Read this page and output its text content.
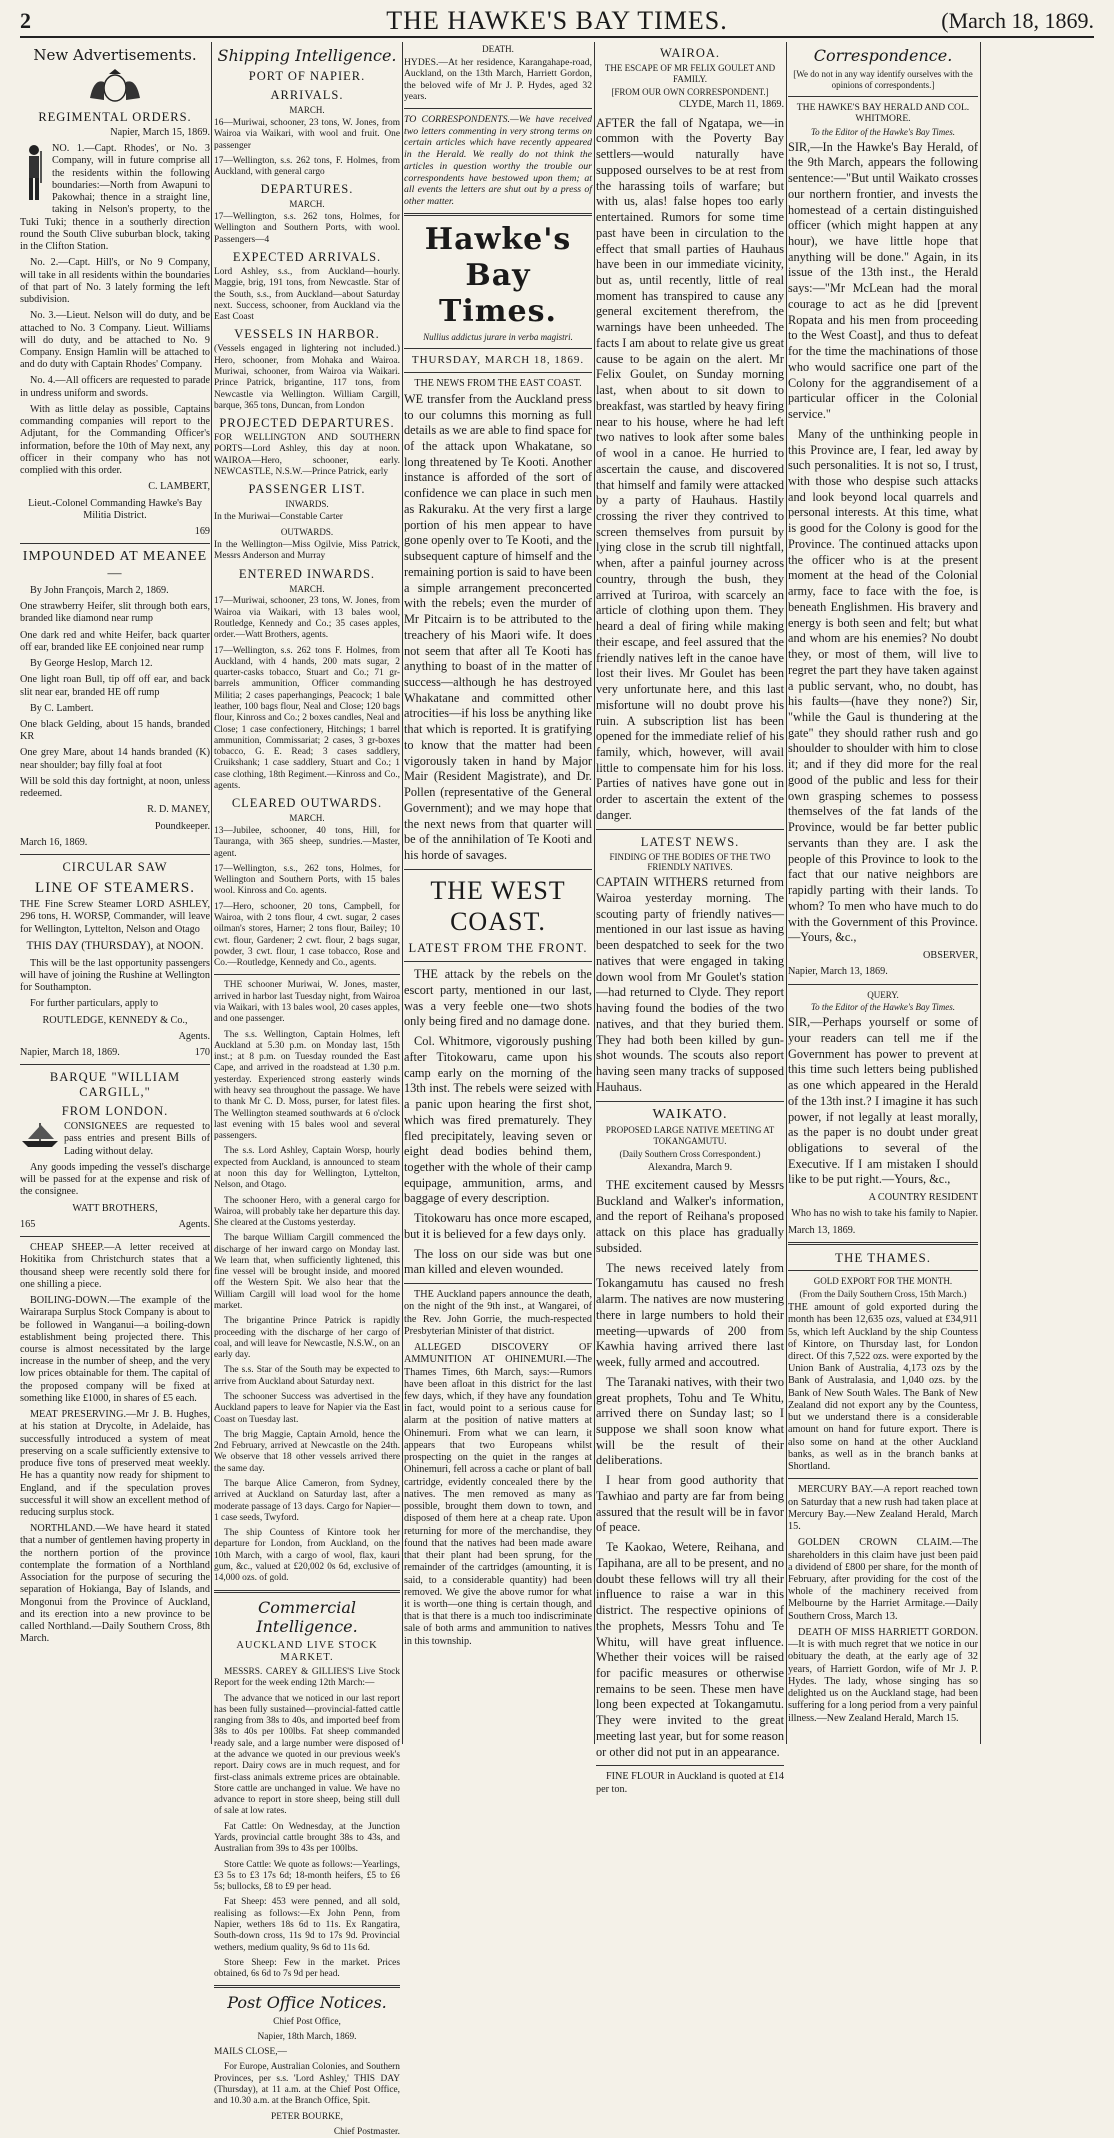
2	THE HAWKE'S BAY TIMES.	(March 18, 1869.
New Advertisements.
REGIMENTAL ORDERS.

Napier, March 15, 1869.

NO. 1.—Capt. Rhodes', or No. 3 Company, will in future comprise all the residents within the following boundaries:—North from Awapuni to Pakowhai; thence in a straight line, taking in Nelson's property, to the Tuki Tuki; thence in a southerly direction round the South Clive suburban block, taking in the Clifton Station.

No. 2.—Capt. Hill's, or No 9 Company, will take in all residents within the boundaries of that part of No. 3 lately forming the left subdivision.

No. 3.—Lieut. Nelson will do duty, and be attached to No. 3 Company. Lieut. Williams will do duty, and be attached to No. 9 Company. Ensign Hamlin will be attached to and do duty with Captain Rhodes' Company.

No. 4.—All officers are requested to parade in undress uniform and swords.

With as little delay as possible, Captains commanding companies will report to the Adjutant, for the Commanding Officer's information, before the 10th of May next, any officer in their company who has not complied with this order.

C. LAMBERT,

Lieut.-Colonel Commanding Hawke's Bay Militia District.

169

IMPOUNDED AT MEANEE—

By John François, March 2, 1869.

One strawberry Heifer, slit through both ears, branded like diamond near rump

One dark red and white Heifer, back quarter off ear, branded like EE conjoined near rump

By George Heslop, March 12.

One light roan Bull, tip off off ear, and back slit near ear, branded HE off rump

By C. Lambert.

One black Gelding, about 15 hands, branded KR

One grey Mare, about 14 hands branded (K) near shoulder; bay filly foal at foot

Will be sold this day fortnight, at noon, unless redeemed.

R. D. MANEY,

Poundkeeper.

March 16, 1869.

CIRCULAR SAW
LINE OF STEAMERS.

THE Fine Screw Steamer LORD ASHLEY, 296 tons, H. WORSP, Commander, will leave for Wellington, Lyttelton, Nelson and Otago

THIS DAY (THURSDAY), at NOON.

This will be the last opportunity passengers will have of joining the Rushine at Wellington for Southampton.

For further particulars, apply to

ROUTLEDGE, KENNEDY & Co.,

Agents.

Napier, March 18, 1869.	170

BARQUE "WILLIAM CARGILL,"
FROM LONDON.

CONSIGNEES are requested to pass entries and present Bills of Lading without delay.

Any goods impeding the vessel's discharge will be passed for at the expense and risk of the consignee.

WATT BROTHERS,

165	Agents.

CHEAP SHEEP.—A letter received at Hokitika from Christchurch states that a thousand sheep were recently sold there for one shilling a piece.

BOILING-DOWN.—The example of the Wairarapa Surplus Stock Company is about to be followed in Wanganui—a boiling-down establishment being projected there. This course is almost necessitated by the large increase in the number of sheep, and the very low prices obtainable for them. The capital of the proposed company will be fixed at something like £1000, in shares of £5 each.

MEAT PRESERVING.—Mr J. B. Hughes, at his station at Drycolte, in Adelaide, has successfully introduced a system of meat preserving on a scale sufficiently extensive to produce five tons of preserved meat weekly. He has a quantity now ready for shipment to England, and if the speculation proves successful it will show an excellent method of reducing surplus stock.

NORTHLAND.—We have heard it stated that a number of gentlemen having property in the northern portion of the province contemplate the formation of a Northland Association for the purpose of securing the separation of Hokianga, Bay of Islands, and Mongonui from the Province of Auckland, and its erection into a new province to be called Northland.—Daily Southern Cross, 8th March.

Shipping Intelligence.
PORT OF NAPIER.
ARRIVALS.
MARCH.

16—Muriwai, schooner, 23 tons, W. Jones, from Wairoa via Waikari, with wool and fruit. One passenger

17—Wellington, s.s. 262 tons, F. Holmes, from Auckland, with general cargo

DEPARTURES.
MARCH.

17—Wellington, s.s. 262 tons, Holmes, for Wellington and Southern Ports, with wool. Passengers—4

EXPECTED ARRIVALS.

Lord Ashley, s.s., from Auckland—hourly. Maggie, brig, 191 tons, from Newcastle. Star of the South, s.s., from Auckland—about Saturday next. Success, schooner, from Auckland via the East Coast

VESSELS IN HARBOR.

(Vessels engaged in lightering not included.) Hero, schooner, from Mohaka and Wairoa. Muriwai, schooner, from Wairoa via Waikari. Prince Patrick, brigantine, 117 tons, from Newcastle via Wellington. William Cargill, barque, 365 tons, Duncan, from London

PROJECTED DEPARTURES.

FOR WELLINGTON AND SOUTHERN PORTS—Lord Ashley, this day at noon. WAIROA—Hero, schooner, early. NEWCASTLE, N.S.W.—Prince Patrick, early

PASSENGER LIST.
INWARDS.

In the Muriwai—Constable Carter

OUTWARDS.

In the Wellington—Miss Ogilvie, Miss Patrick, Messrs Anderson and Murray

ENTERED INWARDS.
MARCH.

17—Muriwai, schooner, 23 tons, W. Jones, from Wairoa via Waikari, with 13 bales wool, Routledge, Kennedy and Co.; 35 cases apples, order.—Watt Brothers, agents.

17—Wellington, s.s. 262 tons F. Holmes, from Auckland, with 4 hands, 200 mats sugar, 2 quarter-casks tobacco, Stuart and Co.; 71 gr-barrels ammunition, Officer commanding Militia; 2 cases paperhangings, Peacock; 1 bale leather, 100 bags flour, Neal and Close; 120 bags flour, Kinross and Co.; 2 boxes candles, Neal and Close; 1 case confectionery, Hitchings; 1 barrel ammunition, Commissariat; 2 cases, 3 gr-boxes tobacco, G. E. Read; 3 cases saddlery, Cruikshank; 1 case saddlery, Stuart and Co.; 1 case clothing, 18th Regiment.—Kinross and Co., agents.

CLEARED OUTWARDS.
MARCH.

13—Jubilee, schooner, 40 tons, Hill, for Tauranga, with 365 sheep, sundries.—Master, agent.

17—Wellington, s.s., 262 tons, Holmes, for Wellington and Southern Ports, with 15 bales wool. Kinross and Co. agents.

17—Hero, schooner, 20 tons, Campbell, for Wairoa, with 2 tons flour, 4 cwt. sugar, 2 cases oilman's stores, Harner; 2 tons flour, Bailey; 10 cwt. flour, Gardener; 2 cwt. flour, 2 bags sugar, powder, 3 cwt. flour, 1 case tobacco, Rose and Co.—Routledge, Kennedy and Co., agents.

THE schooner Muriwai, W. Jones, master, arrived in harbor last Tuesday night, from Wairoa via Waikari, with 13 bales wool, 20 cases apples, and one passenger.

The s.s. Wellington, Captain Holmes, left Auckland at 5.30 p.m. on Monday last, 15th inst.; at 8 p.m. on Tuesday rounded the East Cape, and arrived in the roadstead at 1.30 p.m. yesterday. Experienced strong easterly winds with heavy sea throughout the passage. We have to thank Mr C. D. Moss, purser, for latest files. The Wellington steamed southwards at 6 o'clock last evening with 15 bales wool and several passengers.

The s.s. Lord Ashley, Captain Worsp, hourly expected from Auckland, is announced to steam at noon this day for Wellington, Lyttelton, Nelson, and Otago.

The schooner Hero, with a general cargo for Wairoa, will probably take her departure this day. She cleared at the Customs yesterday.

The barque William Cargill commenced the discharge of her inward cargo on Monday last. We learn that, when sufficiently lightened, this fine vessel will be brought inside, and moored off the Western Spit. We also hear that the William Cargill will load wool for the home market.

The brigantine Prince Patrick is rapidly proceeding with the discharge of her cargo of coal, and will leave for Newcastle, N.S.W., on an early day.

The s.s. Star of the South may be expected to arrive from Auckland about Saturday next.

The schooner Success was advertised in the Auckland papers to leave for Napier via the East Coast on Tuesday last.

The brig Maggie, Captain Arnold, hence the 2nd February, arrived at Newcastle on the 24th. We observe that 18 other vessels arrived there the same day.

The barque Alice Cameron, from Sydney, arrived at Auckland on Saturday last, after a moderate passage of 13 days. Cargo for Napier—1 case seeds, Twyford.

The ship Countess of Kintore took her departure for London, from Auckland, on the 10th March, with a cargo of wool, flax, kauri gum, &c., valued at £20,002 0s 6d, exclusive of 14,000 ozs. of gold.

Commercial Intelligence.
AUCKLAND LIVE STOCK MARKET.

MESSRS. CAREY & GILLIES'S Live Stock Report for the week ending 12th March:—

The advance that we noticed in our last report has been fully sustained—provincial-fatted cattle ranging from 38s to 40s, and imported beef from 38s to 40s per 100lbs. Fat sheep commanded ready sale, and a large number were disposed of at the advance we quoted in our previous week's report. Dairy cows are in much request, and for first-class animals extreme prices are obtainable. Store cattle are unchanged in value. We have no advance to report in store sheep, being still dull of sale at low rates.

Fat Cattle: On Wednesday, at the Junction Yards, provincial cattle brought 38s to 43s, and Australian from 39s to 43s per 100lbs.

Store Cattle: We quote as follows:—Yearlings, £3 5s to £3 17s 6d; 18-month heifers, £5 to £6 5s; bullocks, £8 to £9 per head.

Fat Sheep: 453 were penned, and all sold, realising as follows:—Ex John Penn, from Napier, wethers 18s 6d to 11s. Ex Rangatira, South-down cross, 11s 9d to 17s 9d. Provincial wethers, medium quality, 9s 6d to 11s 6d.

Store Sheep: Few in the market. Prices obtained, 6s 6d to 7s 9d per head.

Post Office Notices.

Chief Post Office,

Napier, 18th March, 1869.

MAILS CLOSE,—

For Europe, Australian Colonies, and Southern Provinces, per s.s. 'Lord Ashley,' THIS DAY (Thursday), at 11 a.m. at the Chief Post Office, and 10.30 a.m. at the Branch Office, Spit.

PETER BOURKE,

Chief Postmaster.

DEATH.

HYDES.—At her residence, Karangahape-road, Auckland, on the 13th March, Harriett Gordon, the beloved wife of Mr J. P. Hydes, aged 32 years.

TO CORRESPONDENTS.—We have received two letters commenting in very strong terms on certain articles which have recently appeared in the Herald. We really do not think the articles in question worthy the trouble our correspondents have bestowed upon them; at all events the letters are shut out by a press of other matter.

Hawke's Bay Times.
Nullius addictus jurare in verba magistri.
THURSDAY, MARCH 18, 1869.
THE NEWS FROM THE EAST COAST.

WE transfer from the Auckland press to our columns this morning as full details as we are able to find space for of the attack upon Whakatane, so long threatened by Te Kooti. Another instance is afforded of the sort of confidence we can place in such men as Rakuraku. At the very first a large portion of his men appear to have gone openly over to Te Kooti, and the subsequent capture of himself and the remaining portion is said to have been a simple arrangement preconcerted with the rebels; even the murder of Mr Pitcairn is to be attributed to the treachery of his Maori wife. It does not seem that after all Te Kooti has anything to boast of in the matter of success—although he has destroyed Whakatane and committed other atrocities—if his loss be anything like that which is reported. It is gratifying to know that the matter had been vigorously taken in hand by Major Mair (Resident Magistrate), and Dr. Pollen (representative of the General Government); and we may hope that the next news from that quarter will be of the annihilation of Te Kooti and his horde of savages.

THE WEST COAST.
LATEST FROM THE FRONT.

THE attack by the rebels on the escort party, mentioned in our last, was a very feeble one—two shots only being fired and no damage done.

Col. Whitmore, vigorously pushing after Titokowaru, came upon his camp early on the morning of the 13th inst. The rebels were seized with a panic upon hearing the first shot, which was fired prematurely. They fled precipitately, leaving seven or eight dead bodies behind them, together with the whole of their camp equipage, ammunition, arms, and baggage of every description.

Titokowaru has once more escaped, but it is believed for a few days only.

The loss on our side was but one man killed and eleven wounded.

THE Auckland papers announce the death, on the night of the 9th inst., at Wangarei, of the Rev. John Gorrie, the much-respected Presbyterian Minister of that district.

ALLEGED DISCOVERY OF AMMUNITION AT OHINEMURI.—The Thames Times, 6th March, says:—Rumors have been afloat in this district for the last few days, which, if they have any foundation in fact, would point to a serious cause for alarm at the position of native matters at Ohinemuri. From what we can learn, it appears that two Europeans whilst prospecting on the quiet in the ranges at Ohinemuri, fell across a cache or plant of ball cartridge, evidently concealed there by the natives. The men removed as many as possible, brought them down to town, and disposed of them here at a cheap rate. Upon returning for more of the merchandise, they found that the natives had been made aware that their plant had been sprung, for the remainder of the cartridges (amounting, it is said, to a considerable quantity) had been removed. We give the above rumor for what it is worth—one thing is certain though, and that is that there is a much too indiscriminate sale of both arms and ammunition to natives in this township.

WAIROA.
THE ESCAPE OF MR FELIX GOULET AND FAMILY.
[FROM OUR OWN CORRESPONDENT.]

CLYDE, March 11, 1869.

AFTER the fall of Ngatapa, we—in common with the Poverty Bay settlers—would naturally have supposed ourselves to be at rest from the harassing toils of warfare; but with us, alas! false hopes too early entertained. Rumors for some time past have been in circulation to the effect that small parties of Hauhaus have been in our immediate vicinity, but as, until recently, little of real moment has transpired to cause any general excitement therefrom, the warnings have been unheeded. The facts I am about to relate give us great cause to be again on the alert. Mr Felix Goulet, on Sunday morning last, when about to sit down to breakfast, was startled by heavy firing near to his house, where he had left two natives to look after some bales of wool in a canoe. He hurried to ascertain the cause, and discovered that himself and family were attacked by a party of Hauhaus. Hastily crossing the river they contrived to screen themselves from pursuit by lying close in the scrub till nightfall, when, after a painful journey across country, through the bush, they arrived at Turiroa, with scarcely an article of clothing upon them. They heard a deal of firing while making their escape, and feel assured that the friendly natives left in the canoe have lost their lives. Mr Goulet has been very unfortunate here, and this last misfortune will no doubt prove his ruin. A subscription list has been opened for the immediate relief of his family, which, however, will avail little to compensate him for his loss. Parties of natives have gone out in order to ascertain the extent of the danger.

LATEST NEWS.
FINDING OF THE BODIES OF THE TWO FRIENDLY NATIVES.

CAPTAIN WITHERS returned from Wairoa yesterday morning. The scouting party of friendly natives—mentioned in our last issue as having been despatched to seek for the two natives that were engaged in taking down wool from Mr Goulet's station—had returned to Clyde. They report having found the bodies of the two natives, and that they buried them. They had both been killed by gun-shot wounds. The scouts also report having seen many tracks of supposed Hauhaus.

WAIKATO.
PROPOSED LARGE NATIVE MEETING AT TOKANGAMUTU.
(Daily Southern Cross Correspondent.)

Alexandra, March 9.

THE excitement caused by Messrs Buckland and Walker's information, and the report of Reihana's proposed attack on this place has gradually subsided.

The news received lately from Tokangamutu has caused no fresh alarm. The natives are now mustering there in large numbers to hold their meeting—upwards of 200 from Kawhia having arrived there last week, fully armed and accoutred.

The Taranaki natives, with their two great prophets, Tohu and Te Whitu, arrived there on Sunday last; so I suppose we shall soon know what will be the result of their deliberations.

I hear from good authority that Tawhiao and party are far from being assured that the result will be in favor of peace.

Te Kaokao, Wetere, Reihana, and Tapihana, are all to be present, and no doubt these fellows will try all their influence to raise a war in this district. The respective opinions of the prophets, Messrs Tohu and Te Whitu, will have great influence. Whether their voices will be raised for pacific measures or otherwise remains to be seen. These men have long been expected at Tokangamutu. They were invited to the great meeting last year, but for some reason or other did not put in an appearance.

FINE FLOUR in Auckland is quoted at £14 per ton.

Correspondence.
[We do not in any way identify ourselves with the opinions of correspondents.]
THE HAWKE'S BAY HERALD AND COL. WHITMORE.
To the Editor of the Hawke's Bay Times.

SIR,—In the Hawke's Bay Herald, of the 9th March, appears the following sentence:—"But until Waikato crosses our northern frontier, and invests the homestead of a certain distinguished officer (which might happen at any hour), we have little hope that anything will be done." Again, in its issue of the 13th inst., the Herald says:—"Mr McLean had the moral courage to act as he did [prevent Ropata and his men from proceeding to the West Coast], and thus to defeat for the time the machinations of those who would sacrifice one part of the Colony for the aggrandisement of a particular officer in the Colonial service."

Many of the unthinking people in this Province are, I fear, led away by such personalities. It is not so, I trust, with those who despise such attacks and look beyond local quarrels and personal interests. At this time, what is good for the Colony is good for the Province. The continued attacks upon the officer who is at the present moment at the head of the Colonial army, face to face with the foe, is beneath Englishmen. His bravery and energy is both seen and felt; but what and whom are his enemies? No doubt they, or most of them, will live to regret the part they have taken against a public servant, who, no doubt, has his faults—(have they none?) Sir, "while the Gaul is thundering at the gate" they should rather rush and go shoulder to shoulder with him to close it; and if they did more for the real good of the public and less for their own grasping schemes to possess themselves of the fat lands of the Province, would be far better public servants than they are. I ask the people of this Province to look to the fact that our native neighbors are rapidly parting with their lands. To whom? To men who have much to do with the Government of this Province.—Yours, &c.,

OBSERVER,

Napier, March 13, 1869.

QUERY.
To the Editor of the Hawke's Bay Times.

SIR,—Perhaps yourself or some of your readers can tell me if the Government has power to prevent at this time such letters being published as one which appeared in the Herald of the 13th inst.? I imagine it has such power, if not legally at least morally, as the paper is no doubt under great obligations to several of the Executive. If I am mistaken I should like to be put right.—Yours, &c.,

A COUNTRY RESIDENT

Who has no wish to take his family to Napier.

March 13, 1869.

THE THAMES.
GOLD EXPORT FOR THE MONTH.
(From the Daily Southern Cross, 15th March.)

THE amount of gold exported during the month has been 12,635 ozs, valued at £34,911 5s, which left Auckland by the ship Countess of Kintore, on Thursday last, for London direct. Of this 7,522 ozs. were exported by the Union Bank of Australia, 4,173 ozs by the Bank of Australasia, and 1,040 ozs. by the Bank of New South Wales. The Bank of New Zealand did not export any by the Countess, but we understand there is a considerable amount on hand for future export. There is also some on hand at the other Auckland banks, as well as in the branch banks at Shortland.

MERCURY BAY.—A report reached town on Saturday that a new rush had taken place at Mercury Bay.—New Zealand Herald, March 15.

GOLDEN CROWN CLAIM.—The shareholders in this claim have just been paid a dividend of £800 per share, for the month of February, after providing for the cost of the whole of the machinery received from Melbourne by the Harriet Armitage.—Daily Southern Cross, March 13.

DEATH OF MISS HARRIETT GORDON.—It is with much regret that we notice in our obituary the death, at the early age of 32 years, of Harriett Gordon, wife of Mr J. P. Hydes. The lady, whose singing has so delighted us on the Auckland stage, had been suffering for a long period from a very painful illness.—New Zealand Herald, March 15.
